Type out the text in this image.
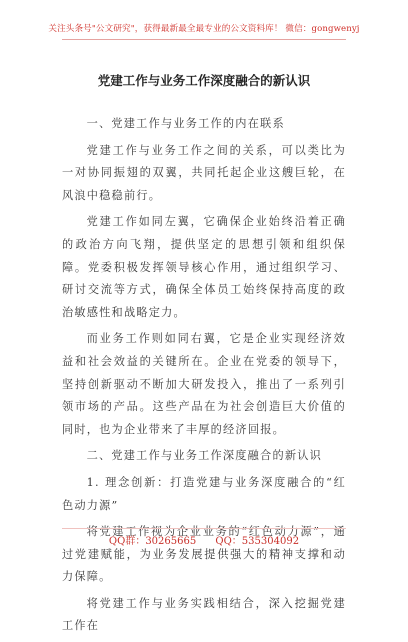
关注头条号"公文研究"，获得最新最全最专业的公文资料库！ 微信：gongwenyj
党建工作与业务工作深度融合的新认识

一、党建工作与业务工作的内在联系

党建工作与业务工作之间的关系，可以类比为一对协同振翅的双翼，共同托起企业这艘巨轮，在风浪中稳稳前行。

党建工作如同左翼，它确保企业始终沿着正确的政治方向飞翔，提供坚定的思想引领和组织保障。党委积极发挥领导核心作用，通过组织学习、研讨交流等方式，确保全体员工始终保持高度的政治敏感性和战略定力。

而业务工作则如同右翼，它是企业实现经济效益和社会效益的关键所在。企业在党委的领导下，坚持创新驱动不断加大研发投入，推出了一系列引领市场的产品。这些产品在为社会创造巨大价值的同时，也为企业带来了丰厚的经济回报。

二、党建工作与业务工作深度融合的新认识

1. 理念创新：打造党建与业务深度融合的“红色动力源”

将党建工作视为企业业务的“红色动力源”，通过党建赋能，为业务发展提供强大的精神支撑和动力保障。

将党建工作与业务实践相结合，深入挖掘党建工作在

QQ群：30265665 QQ：535304092
